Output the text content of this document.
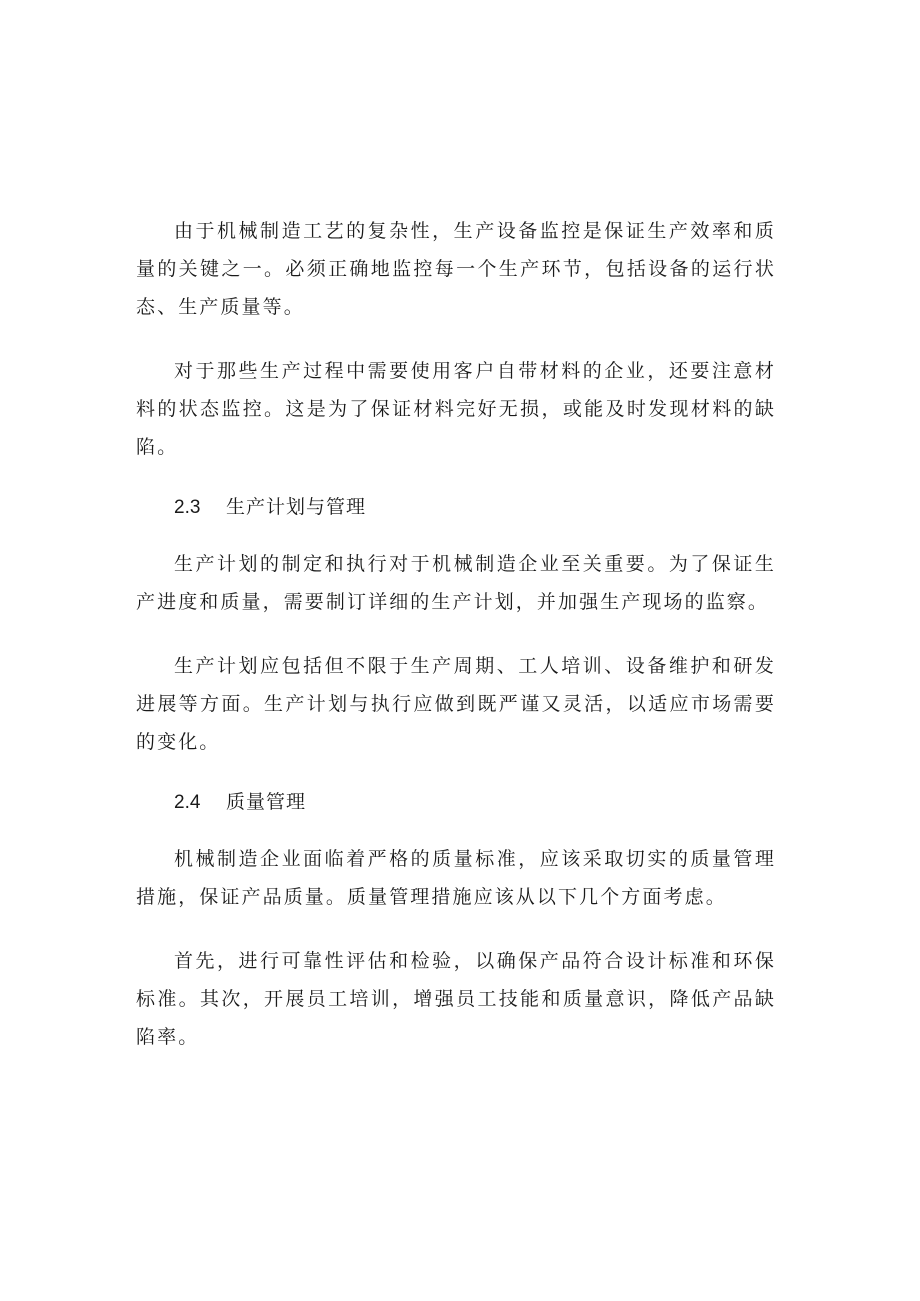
由于机械制造工艺的复杂性，生产设备监控是保证生产效率和质量的关键之一。必须正确地监控每一个生产环节，包括设备的运行状态、生产质量等。

对于那些生产过程中需要使用客户自带材料的企业，还要注意材料的状态监控。这是为了保证材料完好无损，或能及时发现材料的缺陷。

2.3 生产计划与管理

生产计划的制定和执行对于机械制造企业至关重要。为了保证生产进度和质量，需要制订详细的生产计划，并加强生产现场的监察。

生产计划应包括但不限于生产周期、工人培训、设备维护和研发进展等方面。生产计划与执行应做到既严谨又灵活，以适应市场需要的变化。

2.4 质量管理

机械制造企业面临着严格的质量标准，应该采取切实的质量管理措施，保证产品质量。质量管理措施应该从以下几个方面考虑。

首先，进行可靠性评估和检验，以确保产品符合设计标准和环保标准。其次，开展员工培训，增强员工技能和质量意识，降低产品缺陷率。
